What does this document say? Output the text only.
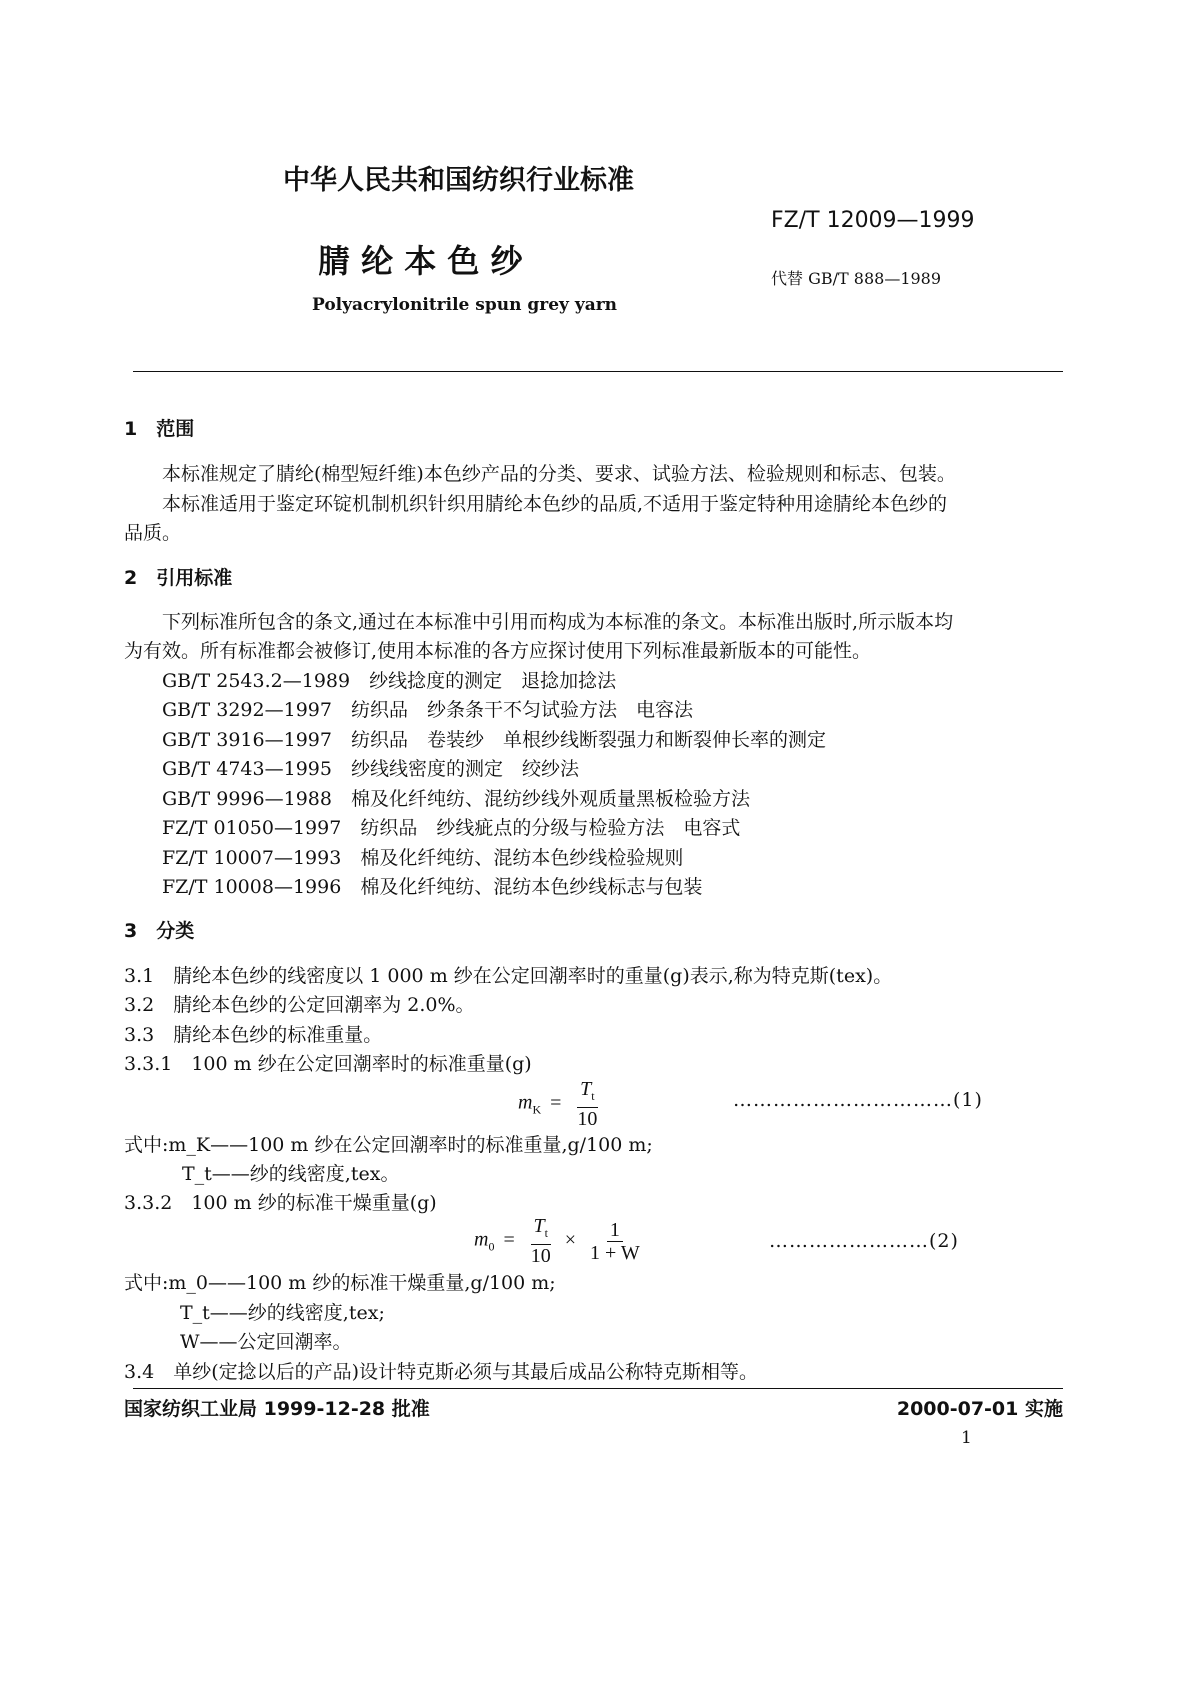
中华人民共和国纺织行业标准
FZ/T 12009—1999
腈 纶 本 色 纱	代替 GB/T 888—1989
Polyacrylonitrile spun grey yarn
1　范围
本标准规定了腈纶(棉型短纤维)本色纱产品的分类、要求、试验方法、检验规则和标志、包装。
本标准适用于鉴定环锭机制机织针织用腈纶本色纱的品质,不适用于鉴定特种用途腈纶本色纱的
品质。
2　引用标准
下列标准所包含的条文,通过在本标准中引用而构成为本标准的条文。本标准出版时,所示版本均
为有效。所有标准都会被修订,使用本标准的各方应探讨使用下列标准最新版本的可能性。
GB/T 2543.2—1989　 纱线捻度的测定　退捻加捻法
GB/T 3292—1997　 纺织品　纱条条干不匀试验方法　电容法
GB/T 3916—1997　 纺织品　卷装纱　单根纱线断裂强力和断裂伸长率的测定
GB/T 4743—1995　 纱线线密度的测定　绞纱法
GB/T 9996—1988　 棉及化纤纯纺、混纺纱线外观质量黑板检验方法
FZ/T 01050—1997　 纺织品　纱线疵点的分级与检验方法　电容式
FZ/T 10007—1993　 棉及化纤纯纺、混纺本色纱线检验规则
FZ/T 10008—1996　 棉及化纤纯纺、混纺本色纱线标志与包装
3　分类
3.1　腈纶本色纱的线密度以 1 000 m 纱在公定回潮率时的重量(g)表示,称为特克斯(tex)。
3.2　腈纶本色纱的公定回潮率为 2.0%。
3.3　腈纶本色纱的标准重量。
3.3.1　100 m 纱在公定回潮率时的标准重量(g)
$m_K = \frac{T_t}{10}$	……………………………(1)
式中:m_K——100 m 纱在公定回潮率时的标准重量,g/100 m;
T_t——纱的线密度,tex。
3.3.2　100 m 纱的标准干燥重量(g)
$m_0 = \frac{T_t}{10} \times \frac{1}{1 + W}$	……………………(2)
式中:m_0——100 m 纱的标准干燥重量,g/100 m;
T_t——纱的线密度,tex;
W——公定回潮率。
3.4　单纱(定捻以后的产品)设计特克斯必须与其最后成品公称特克斯相等。
国家纺织工业局 1999-12-28 批准	2000-07-01 实施
1
